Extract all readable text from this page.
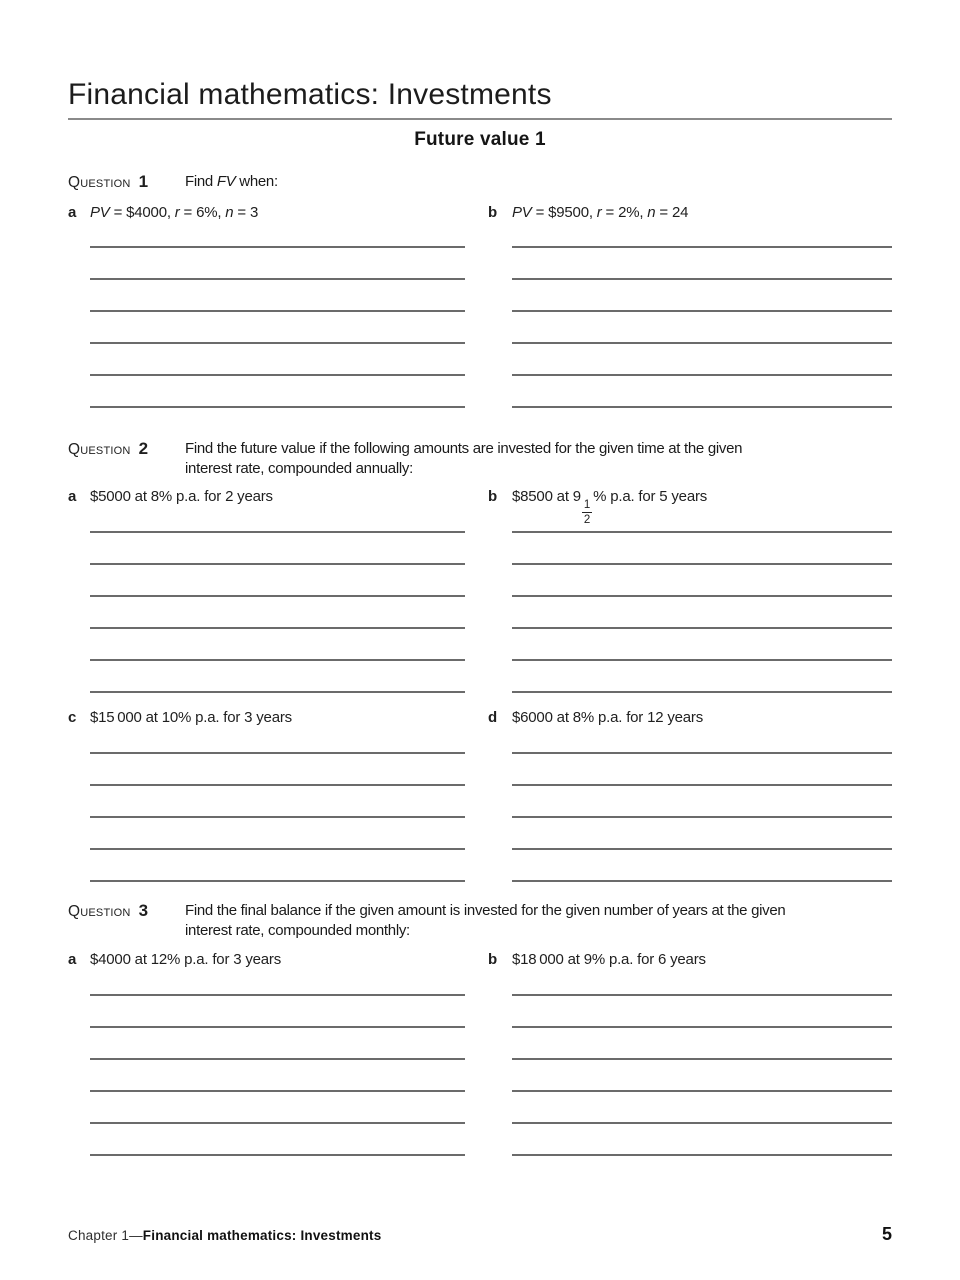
Financial mathematics: Investments
Future value 1
Question 1	Find FV when:
a PV = $4000, r = 6%, n = 3	b PV = $9500, r = 2%, n = 24
Question 2	Find the future value if the following amounts are invested for the given time at the given
interest rate, compounded annually:
a $5000 at 8% p.a. for 2 years	b $8500 at 9
$\frac{1}{2}$
% p.a. for 5 years
c $15 000 at 10% p.a. for 3 years	d $6000 at 8% p.a. for 12 years
Question 3	Find the final balance if the given amount is invested for the given number of years at the given
interest rate, compounded monthly:
a $4000 at 12% p.a. for 3 years	b $18 000 at 9% p.a. for 6 years
Chapter 1—Financial mathematics: Investments	5
